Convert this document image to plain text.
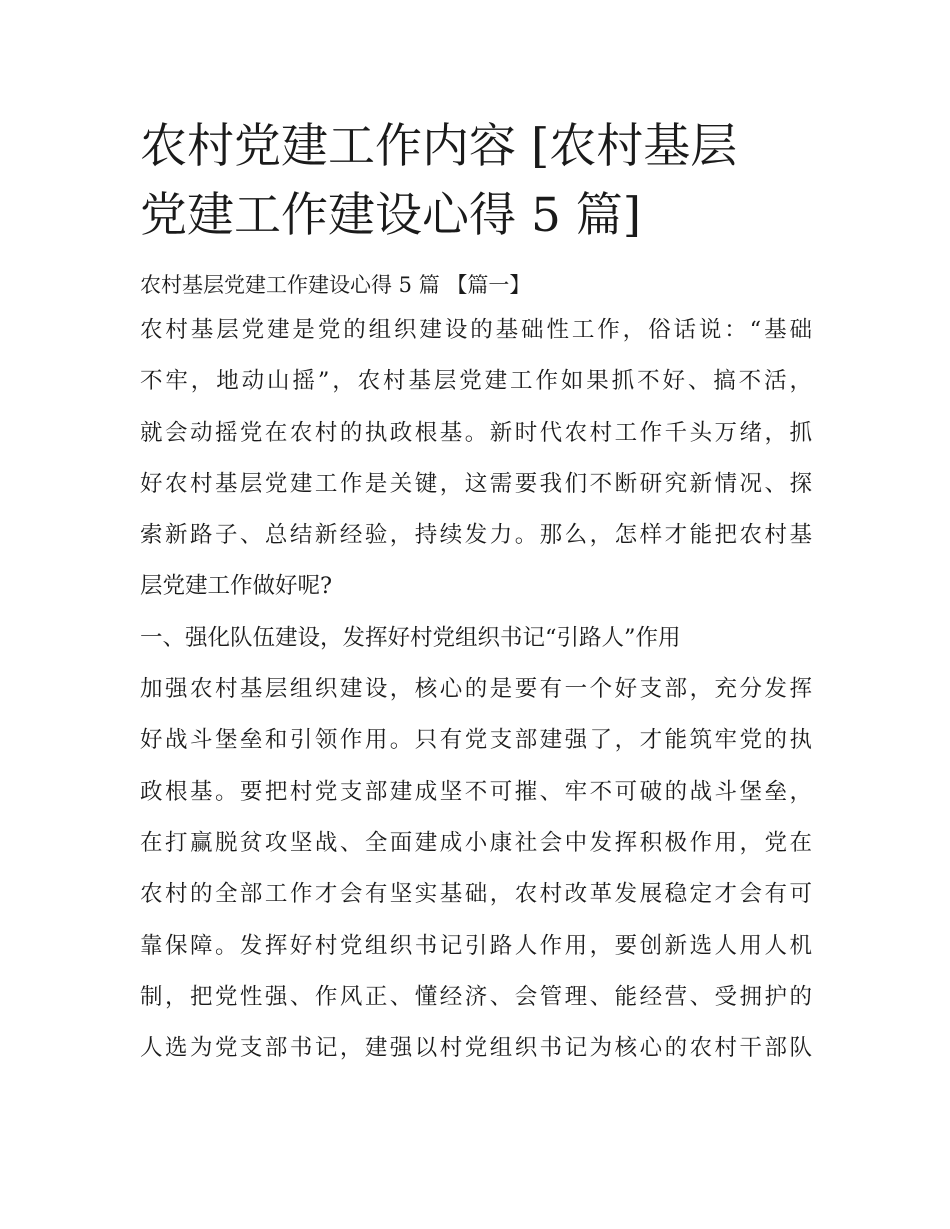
农村党建工作内容 [农村基层
党建工作建设心得 5 篇]
农村基层党建工作建设心得 5 篇 【篇一】
农村基层党建是党的组织建设的基础性工作，俗话说：“基础
不牢，地动山摇”，农村基层党建工作如果抓不好、搞不活，
就会动摇党在农村的执政根基。新时代农村工作千头万绪，抓
好农村基层党建工作是关键，这需要我们不断研究新情况、探
索新路子、总结新经验，持续发力。那么，怎样才能把农村基
层党建工作做好呢?
一、强化队伍建设，发挥好村党组织书记“引路人”作用
加强农村基层组织建设，核心的是要有一个好支部，充分发挥
好战斗堡垒和引领作用。只有党支部建强了，才能筑牢党的执
政根基。要把村党支部建成坚不可摧、牢不可破的战斗堡垒，
在打赢脱贫攻坚战、全面建成小康社会中发挥积极作用，党在
农村的全部工作才会有坚实基础，农村改革发展稳定才会有可
靠保障。发挥好村党组织书记引路人作用，要创新选人用人机
制，把党性强、作风正、懂经济、会管理、能经营、受拥护的
人选为党支部书记，建强以村党组织书记为核心的农村干部队
